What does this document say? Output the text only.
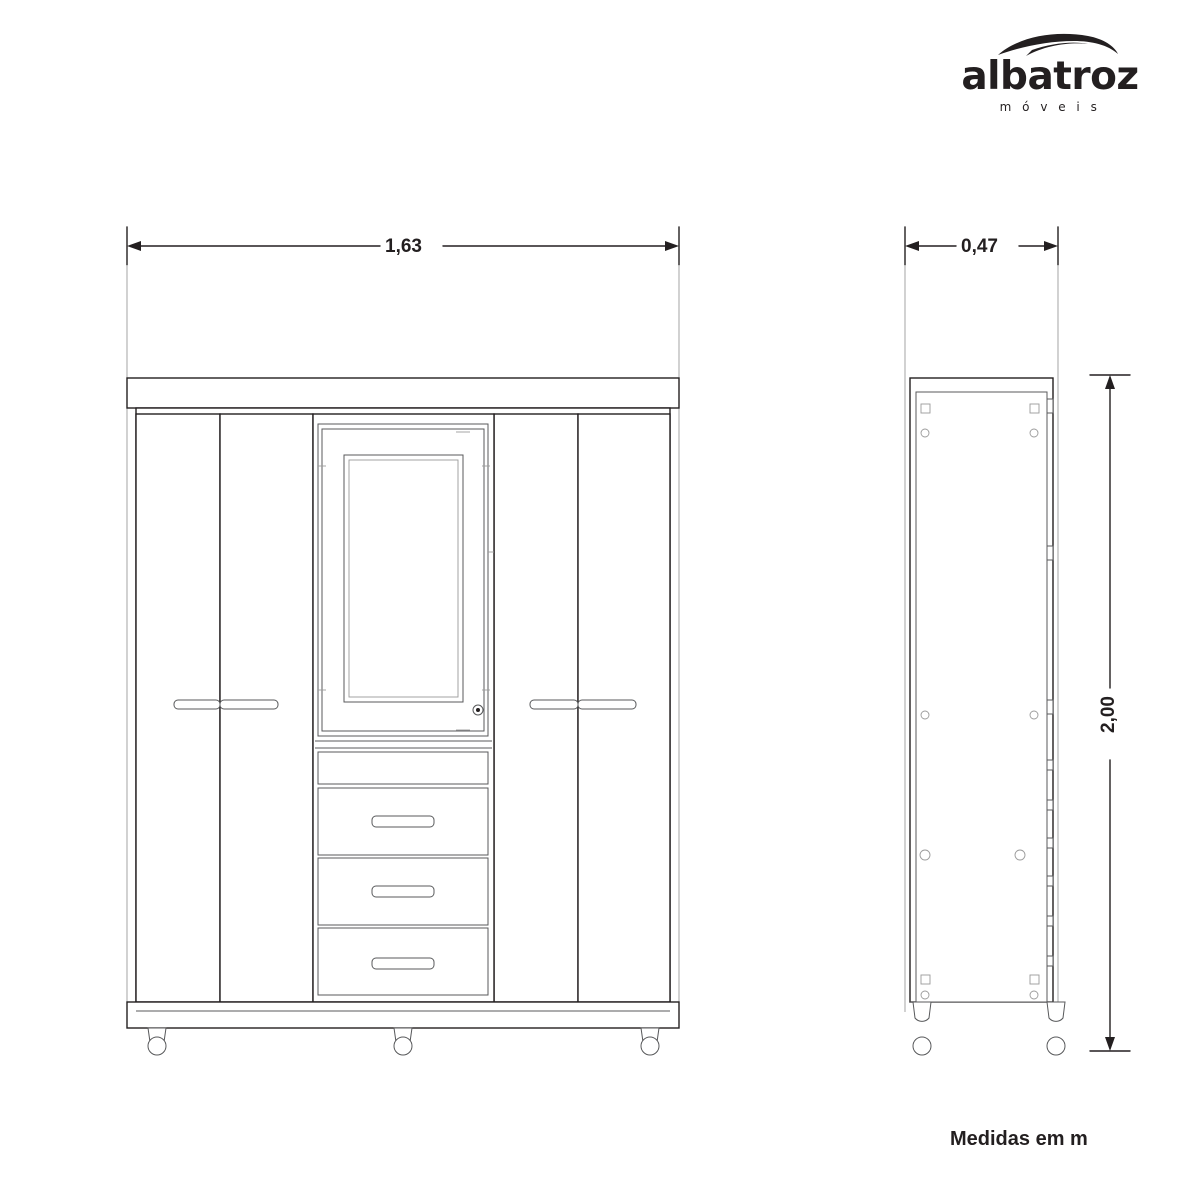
albatroz
m ó v e i s
1,63	0,47
2,00
Medidas em m
